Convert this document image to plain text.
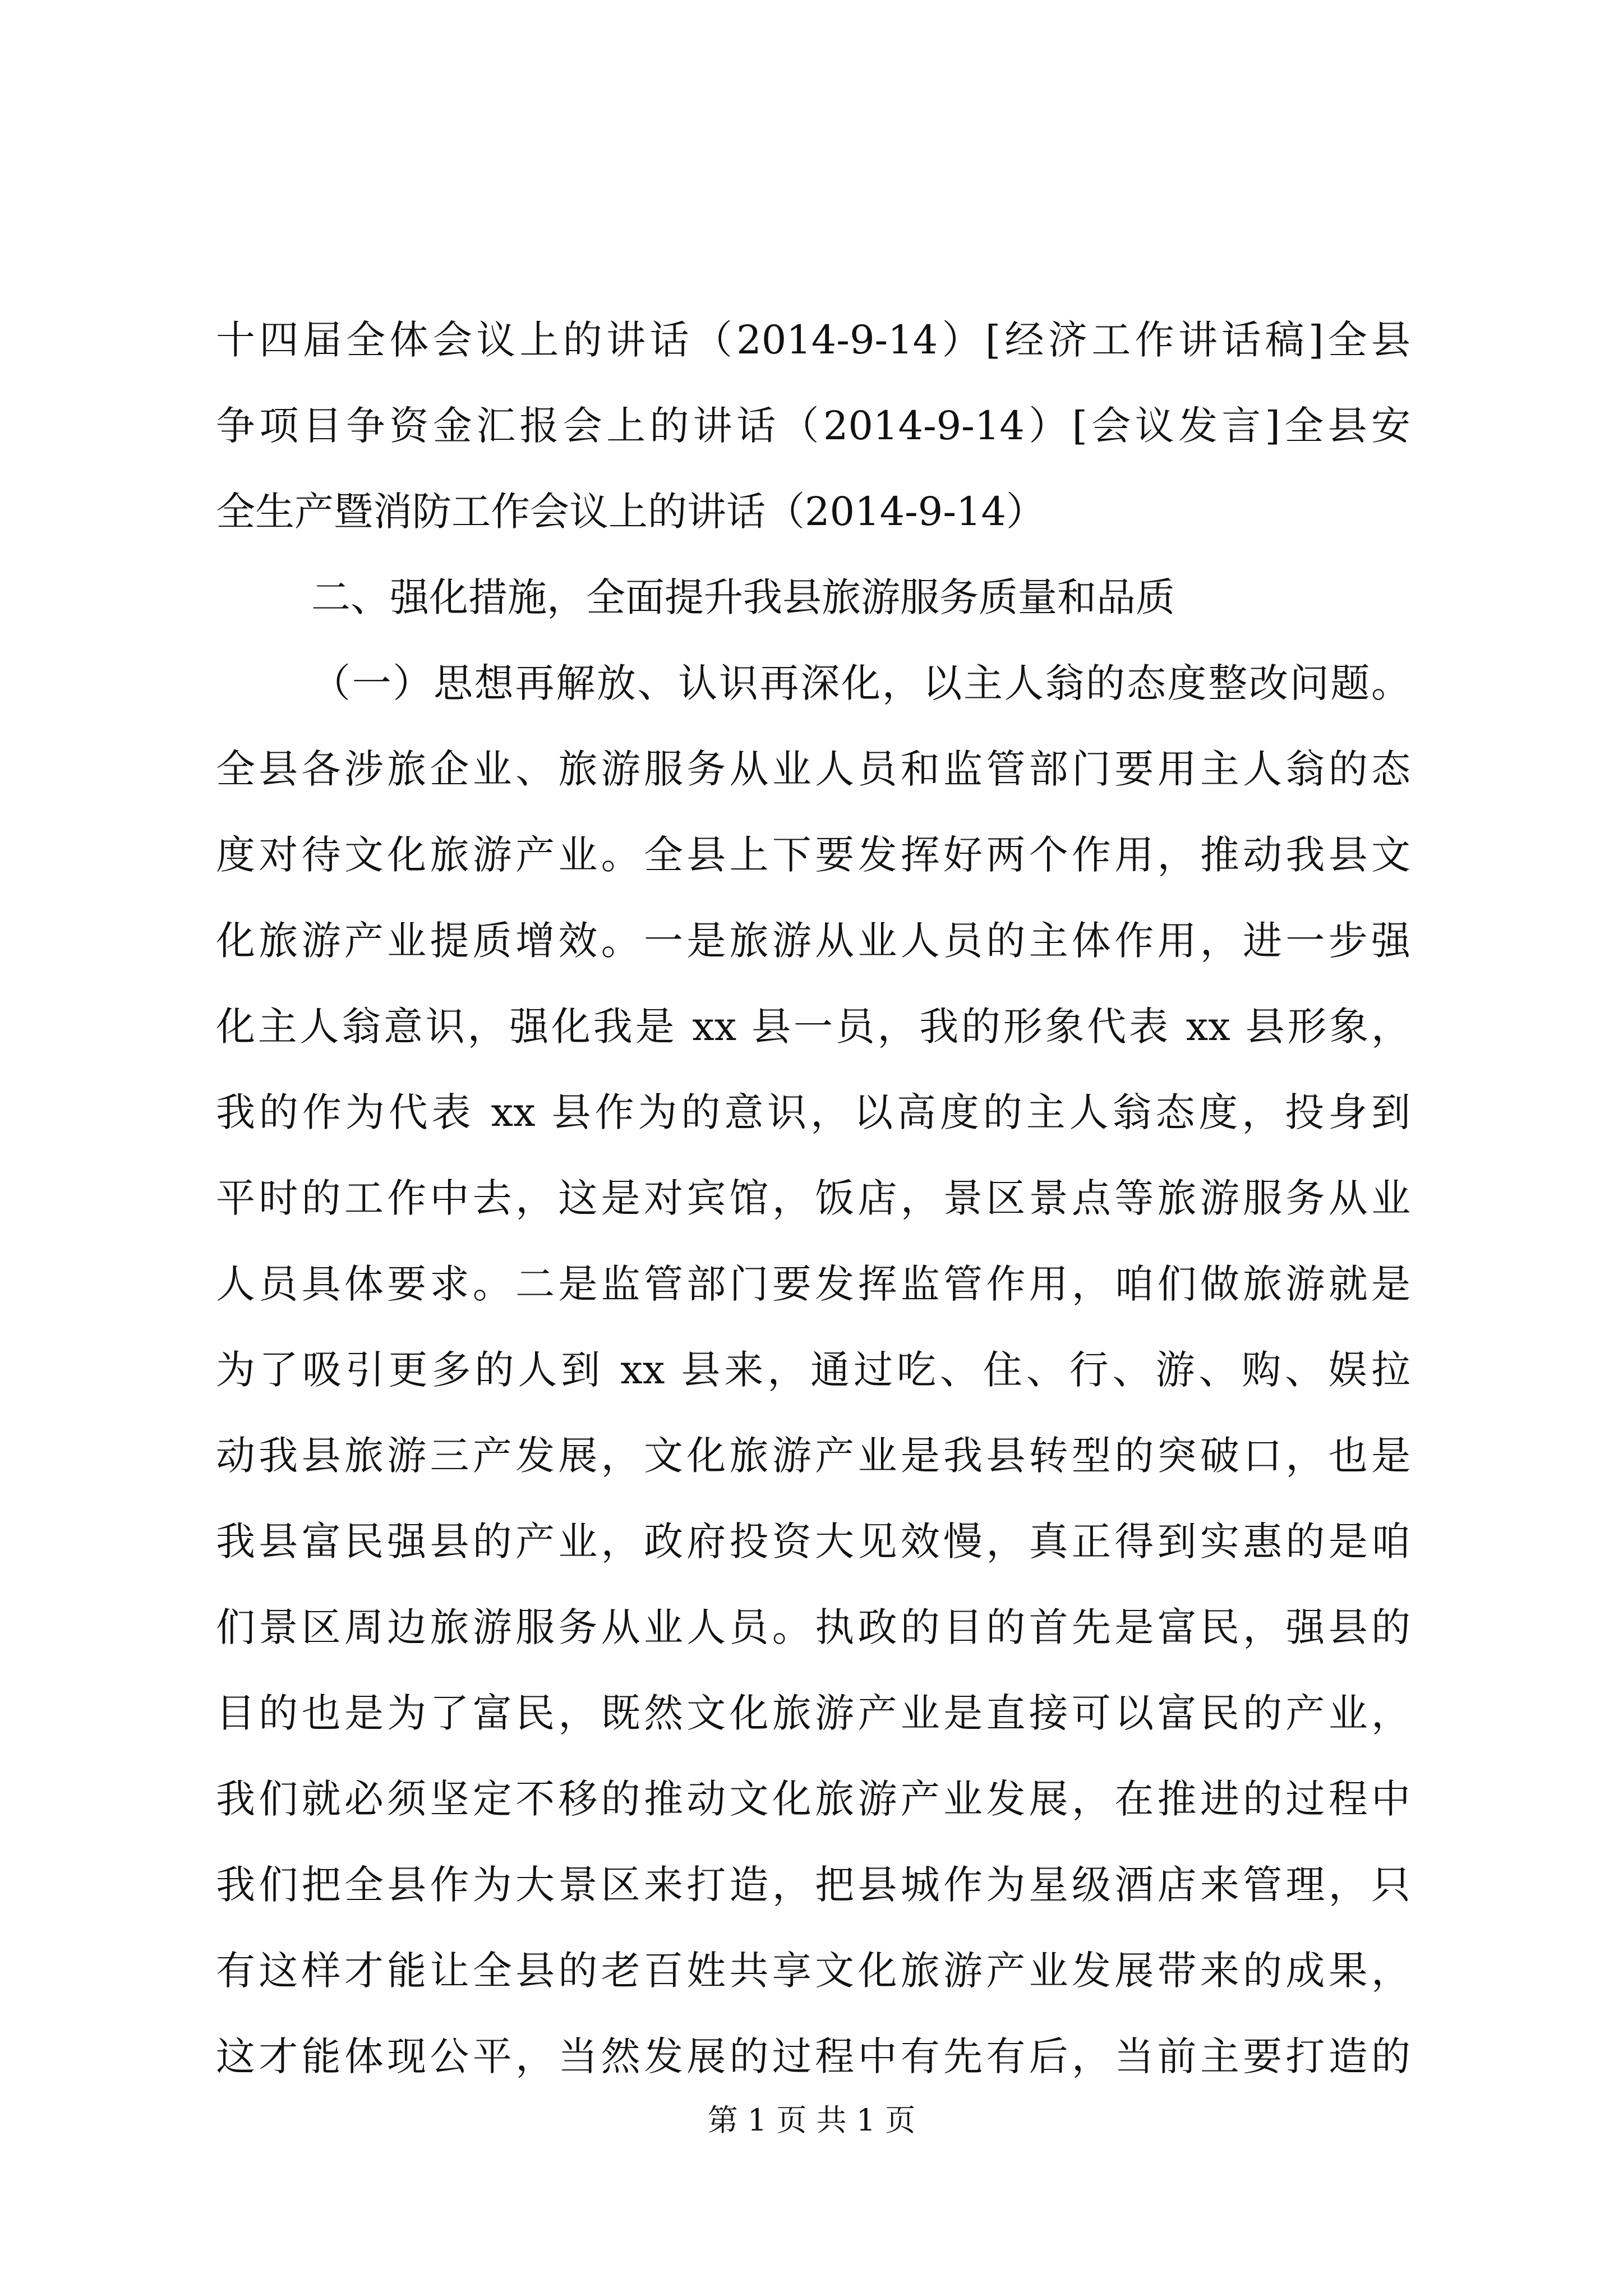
十四届全体会议上的讲话（2014-9-14）[经济工作讲话稿]全县
争项目争资金汇报会上的讲话（2014-9-14）[会议发言]全县安
全生产暨消防工作会议上的讲话（2014-9-14）
二、强化措施，全面提升我县旅游服务质量和品质
（一）思想再解放、认识再深化，以主人翁的态度整改问题。
全县各涉旅企业、旅游服务从业人员和监管部门要用主人翁的态
度对待文化旅游产业。全县上下要发挥好两个作用，推动我县文
化旅游产业提质增效。一是旅游从业人员的主体作用，进一步强
化主人翁意识，强化我是 xx 县一员，我的形象代表 xx 县形象，
我的作为代表 xx 县作为的意识，以高度的主人翁态度，投身到
平时的工作中去，这是对宾馆，饭店，景区景点等旅游服务从业
人员具体要求。二是监管部门要发挥监管作用，咱们做旅游就是
为了吸引更多的人到 xx 县来，通过吃、住、行、游、购、娱拉
动我县旅游三产发展，文化旅游产业是我县转型的突破口，也是
我县富民强县的产业，政府投资大见效慢，真正得到实惠的是咱
们景区周边旅游服务从业人员。执政的目的首先是富民，强县的
目的也是为了富民，既然文化旅游产业是直接可以富民的产业，
我们就必须坚定不移的推动文化旅游产业发展，在推进的过程中
我们把全县作为大景区来打造，把县城作为星级酒店来管理，只
有这样才能让全县的老百姓共享文化旅游产业发展带来的成果，
这才能体现公平，当然发展的过程中有先有后，当前主要打造的
第 1 页 共 1 页
